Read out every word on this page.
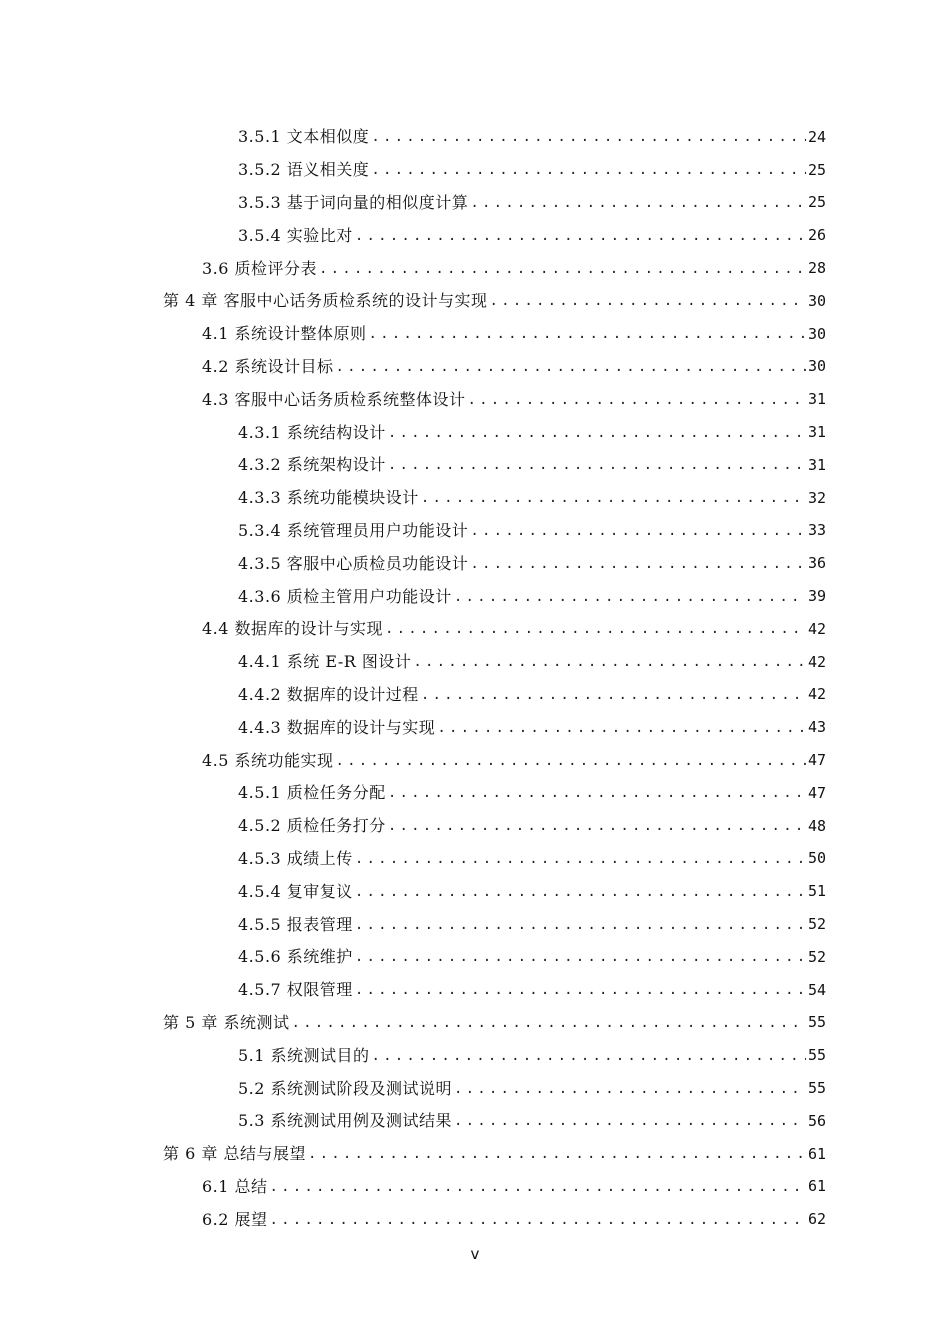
3.5.1 文本相似度 .....	24
3.5.2 语义相关度 .....	25
3.5.3 基于词向量的相似度计算 .....	25
3.5.4 实验比对 .....	26
3.6 质检评分表 .....	28
第 4 章 客服中心话务质检系统的设计与实现 .....	30
4.1 系统设计整体原则 .....	30
4.2 系统设计目标 .....	30
4.3 客服中心话务质检系统整体设计 .....	31
4.3.1 系统结构设计 .....	31
4.3.2 系统架构设计 .....	31
4.3.3 系统功能模块设计 .....	32
5.3.4 系统管理员用户功能设计 .....	33
4.3.5 客服中心质检员功能设计 .....	36
4.3.6 质检主管用户功能设计 .....	39
4.4 数据库的设计与实现 .....	42
4.4.1 系统 E-R 图设计 .....	42
4.4.2 数据库的设计过程 .....	42
4.4.3 数据库的设计与实现 .....	43
4.5 系统功能实现 .....	47
4.5.1 质检任务分配 .....	47
4.5.2 质检任务打分 .....	48
4.5.3 成绩上传 .....	50
4.5.4 复审复议 .....	51
4.5.5 报表管理 .....	52
4.5.6 系统维护 .....	52
4.5.7 权限管理 .....	54
第 5 章 系统测试 .....	55
5.1 系统测试目的 .....	55
5.2 系统测试阶段及测试说明 .....	55
5.3 系统测试用例及测试结果 .....	56
第 6 章 总结与展望 .....	61
6.1 总结 .....	61
6.2 展望 .....	62
v
